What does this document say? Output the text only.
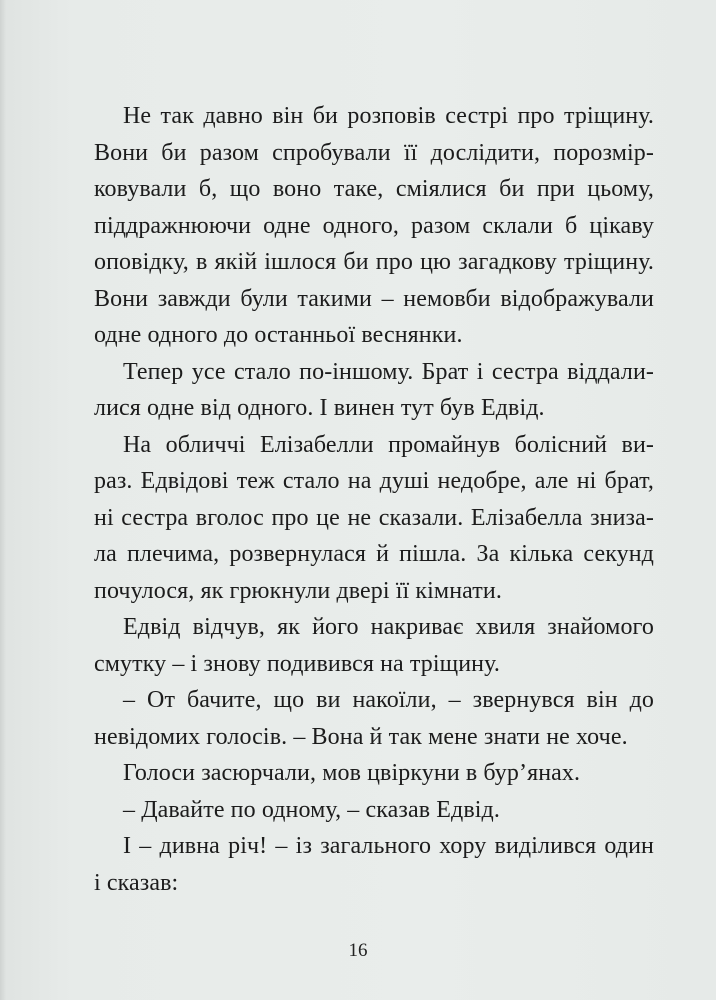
Не так давно він би розповів сестрі про тріщину.
Вони би разом спробували її дослідити, порозмір-
ковували б, що воно таке, сміялися би при цьому,
піддражнюючи одне одного, разом склали б цікаву
оповідку, в якій ішлося би про цю загадкову тріщину.
Вони завжди були такими – немовби відображували
одне одного до останньої веснянки.
Тепер усе стало по-іншому. Брат і сестра віддали-
лися одне від одного. І винен тут був Едвід.
На обличчі Елізабелли промайнув болісний ви-
раз. Едвідові теж стало на душі недобре, але ні брат,
ні сестра вголос про це не сказали. Елізабелла зниза-
ла плечима, розвернулася й пішла. За кілька секунд
почулося, як грюкнули двері її кімнати.
Едвід відчув, як його накриває хвиля знайомого
смутку – і знову подивився на тріщину.
– От бачите, що ви накоїли, – звернувся він до
невідомих голосів. – Вона й так мене знати не хоче.
Голоси засюрчали, мов цвіркуни в бур’янах.
– Давайте по одному, – сказав Едвід.
І – дивна річ! – із загального хору виділився один
і сказав:
16
